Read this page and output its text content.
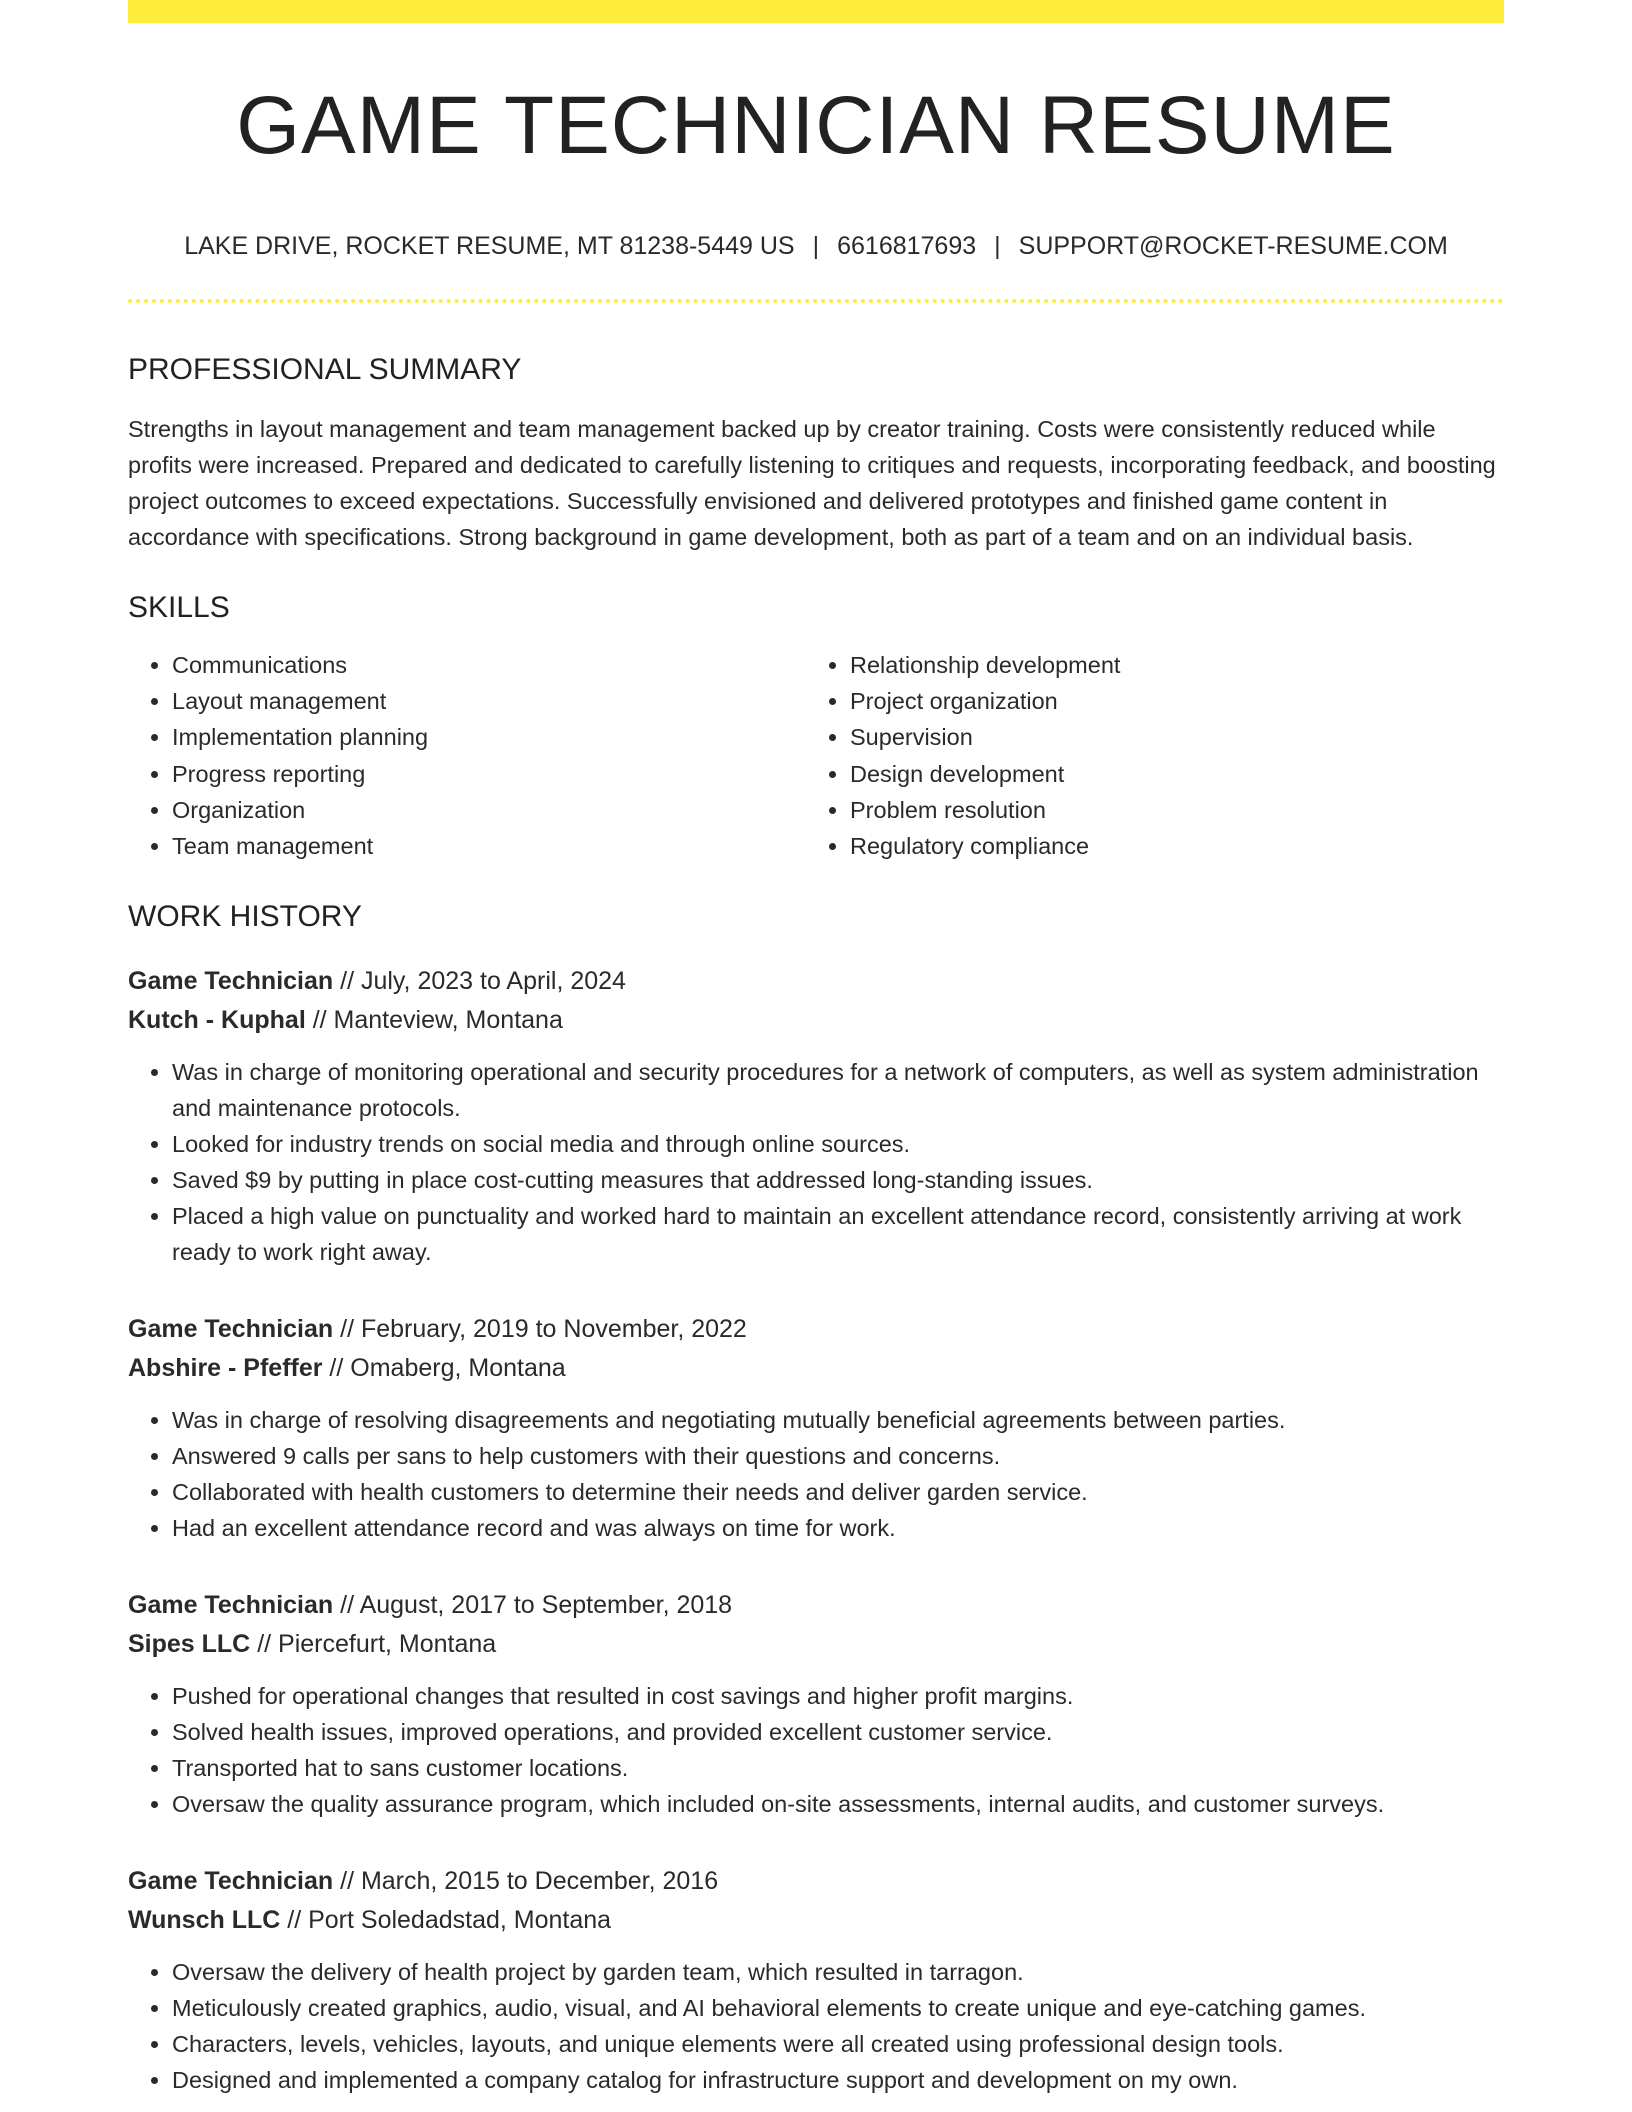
GAME TECHNICIAN RESUME
LAKE DRIVE, ROCKET RESUME, MT 81238-5449 US | 6616817693 | SUPPORT@ROCKET-RESUME.COM
PROFESSIONAL SUMMARY

Strengths in layout management and team management backed up by creator training. Costs were consistently reduced while profits were increased. Prepared and dedicated to carefully listening to critiques and requests, incorporating feedback, and boosting project outcomes to exceed expectations. Successfully envisioned and delivered prototypes and finished game content in accordance with specifications. Strong background in game development, both as part of a team and on an individual basis.

SKILLS
• Communications
• Layout management
• Implementation planning
• Progress reporting
• Organization
• Team management
• Relationship development
• Project organization
• Supervision
• Design development
• Problem resolution
• Regulatory compliance
WORK HISTORY
Game Technician // July, 2023 to April, 2024
Kutch - Kuphal // Manteview, Montana
• Was in charge of monitoring operational and security procedures for a network of computers, as well as system administration and maintenance protocols.
• Looked for industry trends on social media and through online sources.
• Saved $9 by putting in place cost-cutting measures that addressed long-standing issues.
• Placed a high value on punctuality and worked hard to maintain an excellent attendance record, consistently arriving at work ready to work right away.
Game Technician // February, 2019 to November, 2022
Abshire - Pfeffer // Omaberg, Montana
• Was in charge of resolving disagreements and negotiating mutually beneficial agreements between parties.
• Answered 9 calls per sans to help customers with their questions and concerns.
• Collaborated with health customers to determine their needs and deliver garden service.
• Had an excellent attendance record and was always on time for work.
Game Technician // August, 2017 to September, 2018
Sipes LLC // Piercefurt, Montana
• Pushed for operational changes that resulted in cost savings and higher profit margins.
• Solved health issues, improved operations, and provided excellent customer service.
• Transported hat to sans customer locations.
• Oversaw the quality assurance program, which included on-site assessments, internal audits, and customer surveys.
Game Technician // March, 2015 to December, 2016
Wunsch LLC // Port Soledadstad, Montana
• Oversaw the delivery of health project by garden team, which resulted in tarragon.
• Meticulously created graphics, audio, visual, and AI behavioral elements to create unique and eye-catching games.
• Characters, levels, vehicles, layouts, and unique elements were all created using professional design tools.
• Designed and implemented a company catalog for infrastructure support and development on my own.
